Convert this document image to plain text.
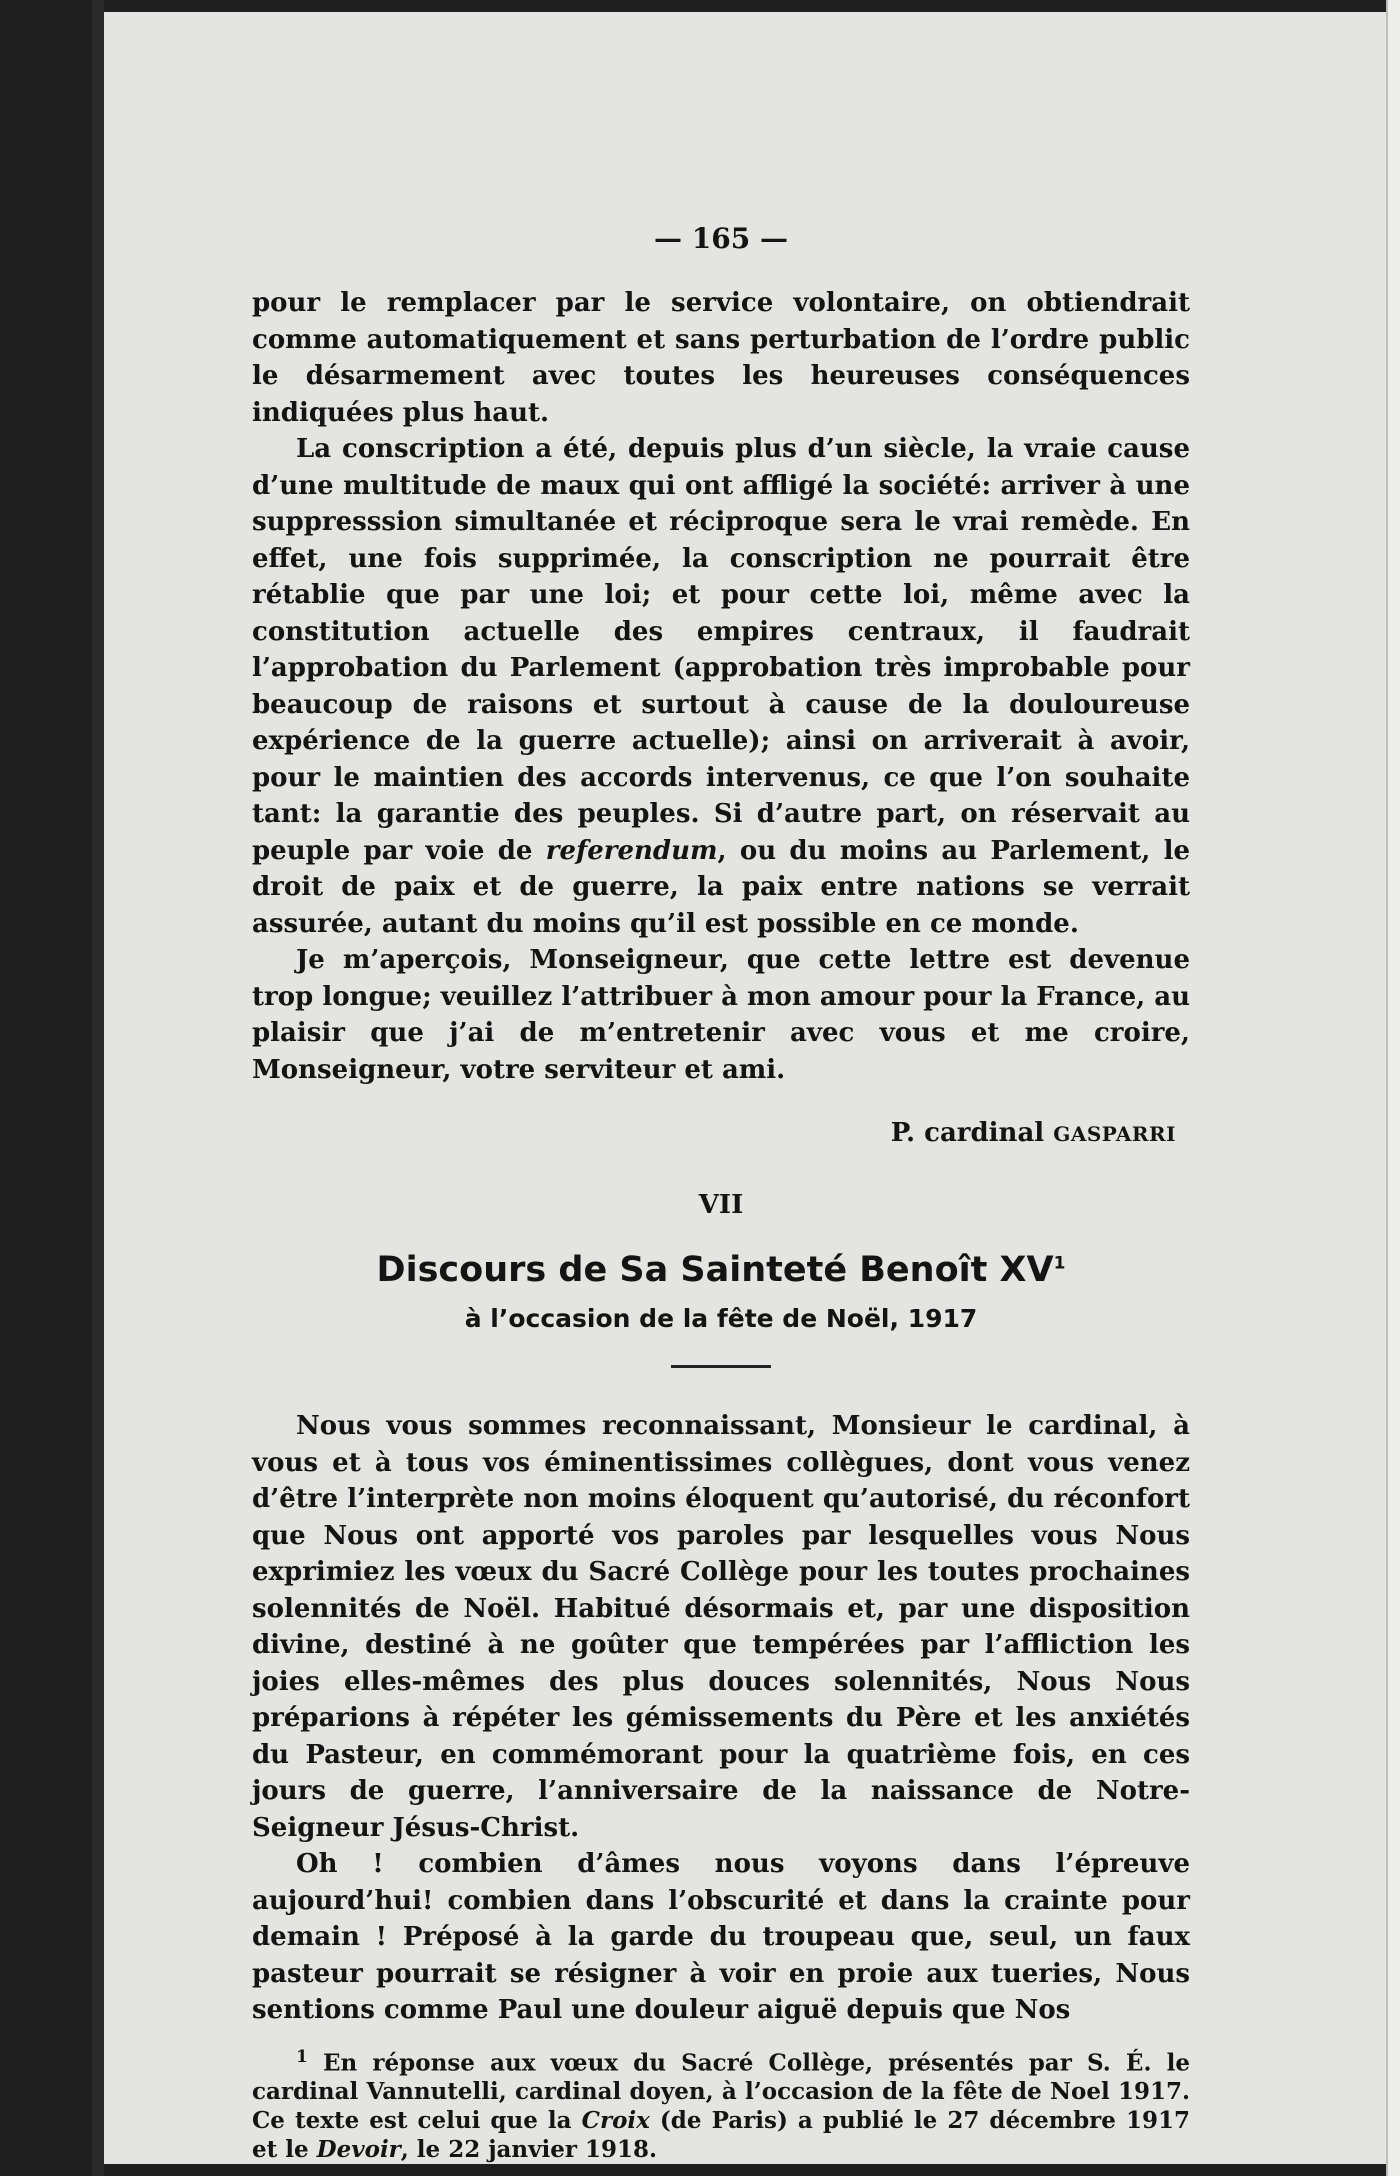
— 165 —

pour le remplacer par le service volontaire, on obtiendrait comme automatiquement et sans perturbation de l’ordre public le désarmement avec toutes les heureuses conséquences indiquées plus haut.

La conscription a été, depuis plus d’un siècle, la vraie cause d’une multitude de maux qui ont affligé la société: arriver à une suppresssion simultanée et réciproque sera le vrai remède. En effet, une fois supprimée, la conscription ne pourrait être rétablie que par une loi; et pour cette loi, même avec la constitution actuelle des empires centraux, il faudrait l’approbation du Parlement (approbation très improbable pour beaucoup de raisons et surtout à cause de la douloureuse expérience de la guerre actuelle); ainsi on arriverait à avoir, pour le maintien des accords intervenus, ce que l’on souhaite tant: la garantie des peuples. Si d’autre part, on réservait au peuple par voie de referendum, ou du moins au Parlement, le droit de paix et de guerre, la paix entre nations se verrait assurée, autant du moins qu’il est possible en ce monde.

Je m’aperçois, Monseigneur, que cette lettre est devenue trop longue; veuillez l’attribuer à mon amour pour la France, au plaisir que j’ai de m’entretenir avec vous et me croire, Monseigneur, votre serviteur et ami.

P. cardinal GASPARRI
VII
Discours de Sa Sainteté Benoît $XV^1$
à l’occasion de la fête de Noël, 1917

Nous vous sommes reconnaissant, Monsieur le cardinal, à vous et à tous vos éminentissimes collègues, dont vous venez d’être l’interprète non moins éloquent qu’autorisé, du réconfort que Nous ont apporté vos paroles par lesquelles vous Nous exprimiez les vœux du Sacré Collège pour les toutes prochaines solennités de Noël. Habitué désormais et, par une disposition divine, destiné à ne goûter que tempérées par l’affliction les joies elles-mêmes des plus douces solennités, Nous Nous préparions à répéter les gémissements du Père et les anxiétés du Pasteur, en commémorant pour la quatrième fois, en ces jours de guerre, l’anniversaire de la naissance de Notre-Seigneur Jésus-Christ.

Oh ! combien d’âmes nous voyons dans l’épreuve aujourd’hui! combien dans l’obscurité et dans la crainte pour demain ! Préposé à la garde du troupeau que, seul, un faux pasteur pourrait se résigner à voir en proie aux tueries, Nous sentions comme Paul une douleur aiguë depuis que Nos

$^1$ En réponse aux vœux du Sacré Collège, présentés par S. É. le cardinal Vannutelli, cardinal doyen, à l’occasion de la fête de Noel 1917. Ce texte est celui que la Croix (de Paris) a publié le 27 décembre 1917 et le Devoir, le 22 janvier 1918.
